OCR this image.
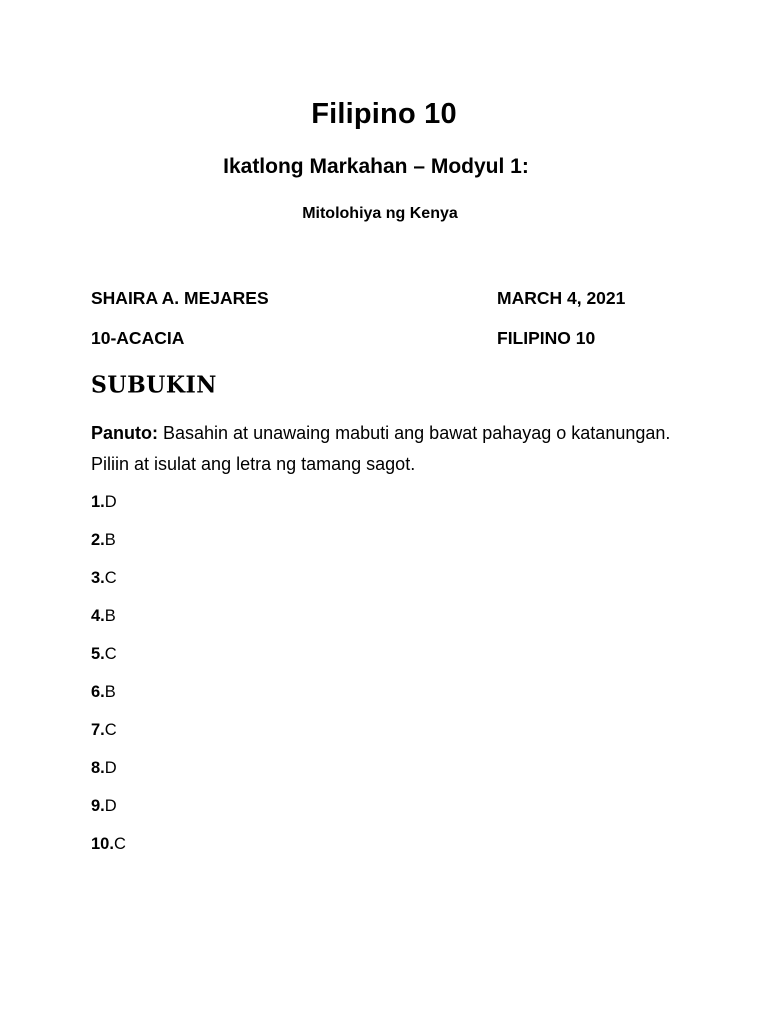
Filipino 10
Ikatlong Markahan – Modyul 1:
Mitolohiya ng Kenya

SHAIRA A. MEJARES	MARCH 4, 2021

10-ACACIA	FILIPINO 10

SUBUKIN

Panuto: Basahin at unawaing mabuti ang bawat pahayag o katanungan. Piliin at isulat ang letra ng tamang sagot.

1.D
2.B
3.C
4.B
5.C
6.B
7.C
8.D
9.D
10.C
